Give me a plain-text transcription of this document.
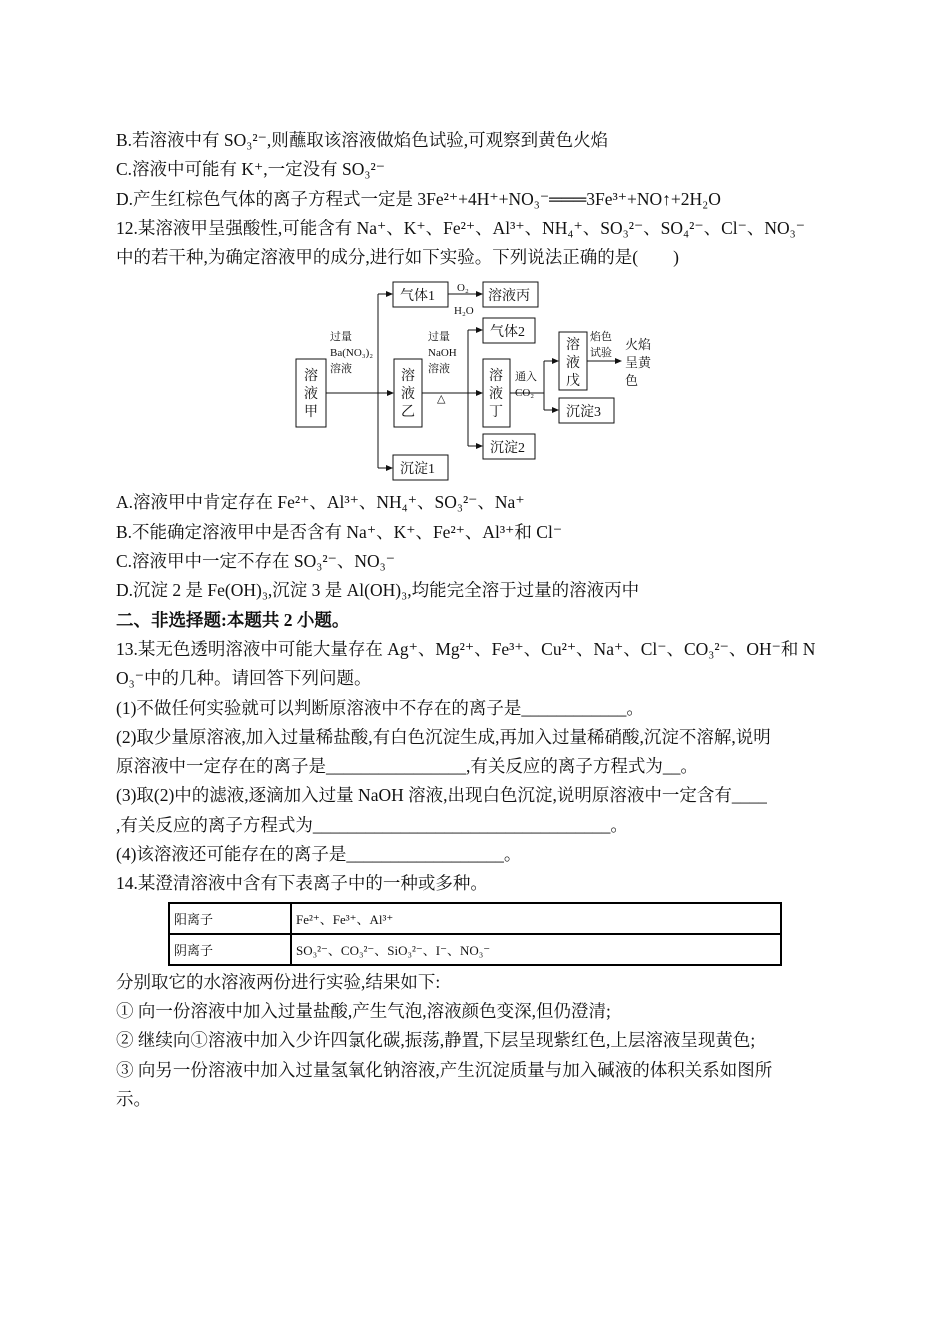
B.若溶液中有 SO₃²⁻,则蘸取该溶液做焰色试验,可观察到黄色火焰
C.溶液中可能有 K⁺,一定没有 SO₃²⁻
D.产生红棕色气体的离子方程式一定是 3Fe²⁺+4H⁺+NO₃⁻═══3Fe³⁺+NO↑+2H₂O
12.某溶液甲呈强酸性,可能含有 Na⁺、K⁺、Fe²⁺、Al³⁺、NH₄⁺、SO₃²⁻、SO₄²⁻、Cl⁻、NO₃⁻
中的若干种,为确定溶液甲的成分,进行如下实验。下列说法正确的是(　　)
溶
液
甲
溶
液
乙
溶
液
丁
溶
液
戊
气体1	溶液丙
气体2
沉淀1
沉淀2
沉淀3
过量
Ba(NO₃)₂
溶液
过量
NaOH
溶液
△
通入
CO₂
O₂
H₂O
焰色
试验
火焰
呈黄
色
A.溶液甲中肯定存在 Fe²⁺、Al³⁺、NH₄⁺、SO₃²⁻、Na⁺
B.不能确定溶液甲中是否含有 Na⁺、K⁺、Fe²⁺、Al³⁺和 Cl⁻
C.溶液甲中一定不存在 SO₃²⁻、NO₃⁻
D.沉淀 2 是 Fe(OH)₃,沉淀 3 是 Al(OH)₃,均能完全溶于过量的溶液丙中
二、非选择题:本题共 2 小题。
13.某无色透明溶液中可能大量存在 Ag⁺、Mg²⁺、Fe³⁺、Cu²⁺、Na⁺、Cl⁻、CO₃²⁻、OH⁻和 N
O₃⁻中的几种。请回答下列问题。
(1)不做任何实验就可以判断原溶液中不存在的离子是____________。
(2)取少量原溶液,加入过量稀盐酸,有白色沉淀生成,再加入过量稀硝酸,沉淀不溶解,说明
原溶液中一定存在的离子是________________,有关反应的离子方程式为__。
(3)取(2)中的滤液,逐滴加入过量 NaOH 溶液,出现白色沉淀,说明原溶液中一定含有____
,有关反应的离子方程式为__________________________________。
(4)该溶液还可能存在的离子是__________________。
14.某澄清溶液中含有下表离子中的一种或多种。
阳离子	Fe²⁺、Fe³⁺、Al³⁺
阴离子	SO₃²⁻、CO₃²⁻、SiO₃²⁻、I⁻、NO₃⁻
分别取它的水溶液两份进行实验,结果如下:
① 向一份溶液中加入过量盐酸,产生气泡,溶液颜色变深,但仍澄清;
② 继续向①溶液中加入少许四氯化碳,振荡,静置,下层呈现紫红色,上层溶液呈现黄色;
③ 向另一份溶液中加入过量氢氧化钠溶液,产生沉淀质量与加入碱液的体积关系如图所
示。
